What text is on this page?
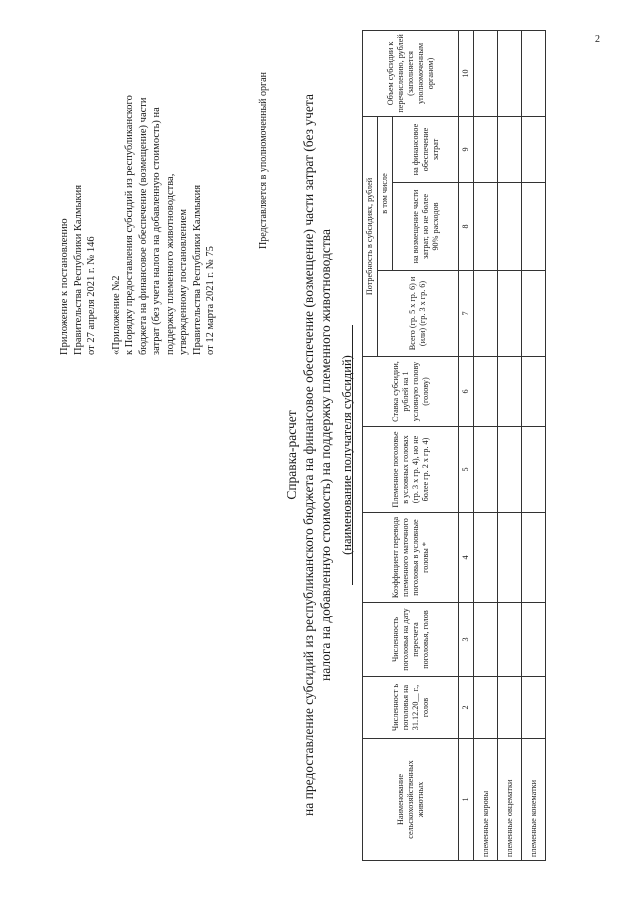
2
Приложение к постановлению Правительства Республики Калмыкия от 27 апреля 2021 г. № 146 «Приложение №2 к Порядку предоставления субсидий из республиканского бюджета на финансовое обеспечение (возмещение) части затрат (без учета налога на добавленную стоимость) на поддержку племенного животноводства, утвержденному постановлением Правительства Республики Калмыкия от 12 марта 2021 г. № 75
Представляется в уполномоченный орган
Справка-расчет на предоставление субсидий из республиканского бюджета на финансовое обеспечение (возмещение) части затрат (без учета налога на добавленную стоимость) на поддержку племенного животноводства (наименование получателя субсидий)
Наименование сельскохозяйственных животных	Численност ь поголовья на 31.12.20__ г., голов	Численность поголовья на дату пересчета поголовья, голов	Коэффициент перевода племенного маточного поголовья в условные головы *	Племенное поголовье в условных головах (гр. 3 х гр. 4), но не более гр. 2 х гр. 4)	Ставка субсидии, рублей на 1 условную голову (голову)	Потребность в субсидиях, рублей			Объем субсидии к перечислению, рублей (заполняется уполномоченным органом)
						Всего (гр. 5 х гр. 6) и (или) (гр. 3 х гр. 6)	в том числе		
							на возмещение части затрат, но не более 90% расходов	на финансовое обеспечение затрат	
1	2	3	4	5	6	7	8	9	10
племенные коровы									
племенные овцематки									
племенные конематки									
